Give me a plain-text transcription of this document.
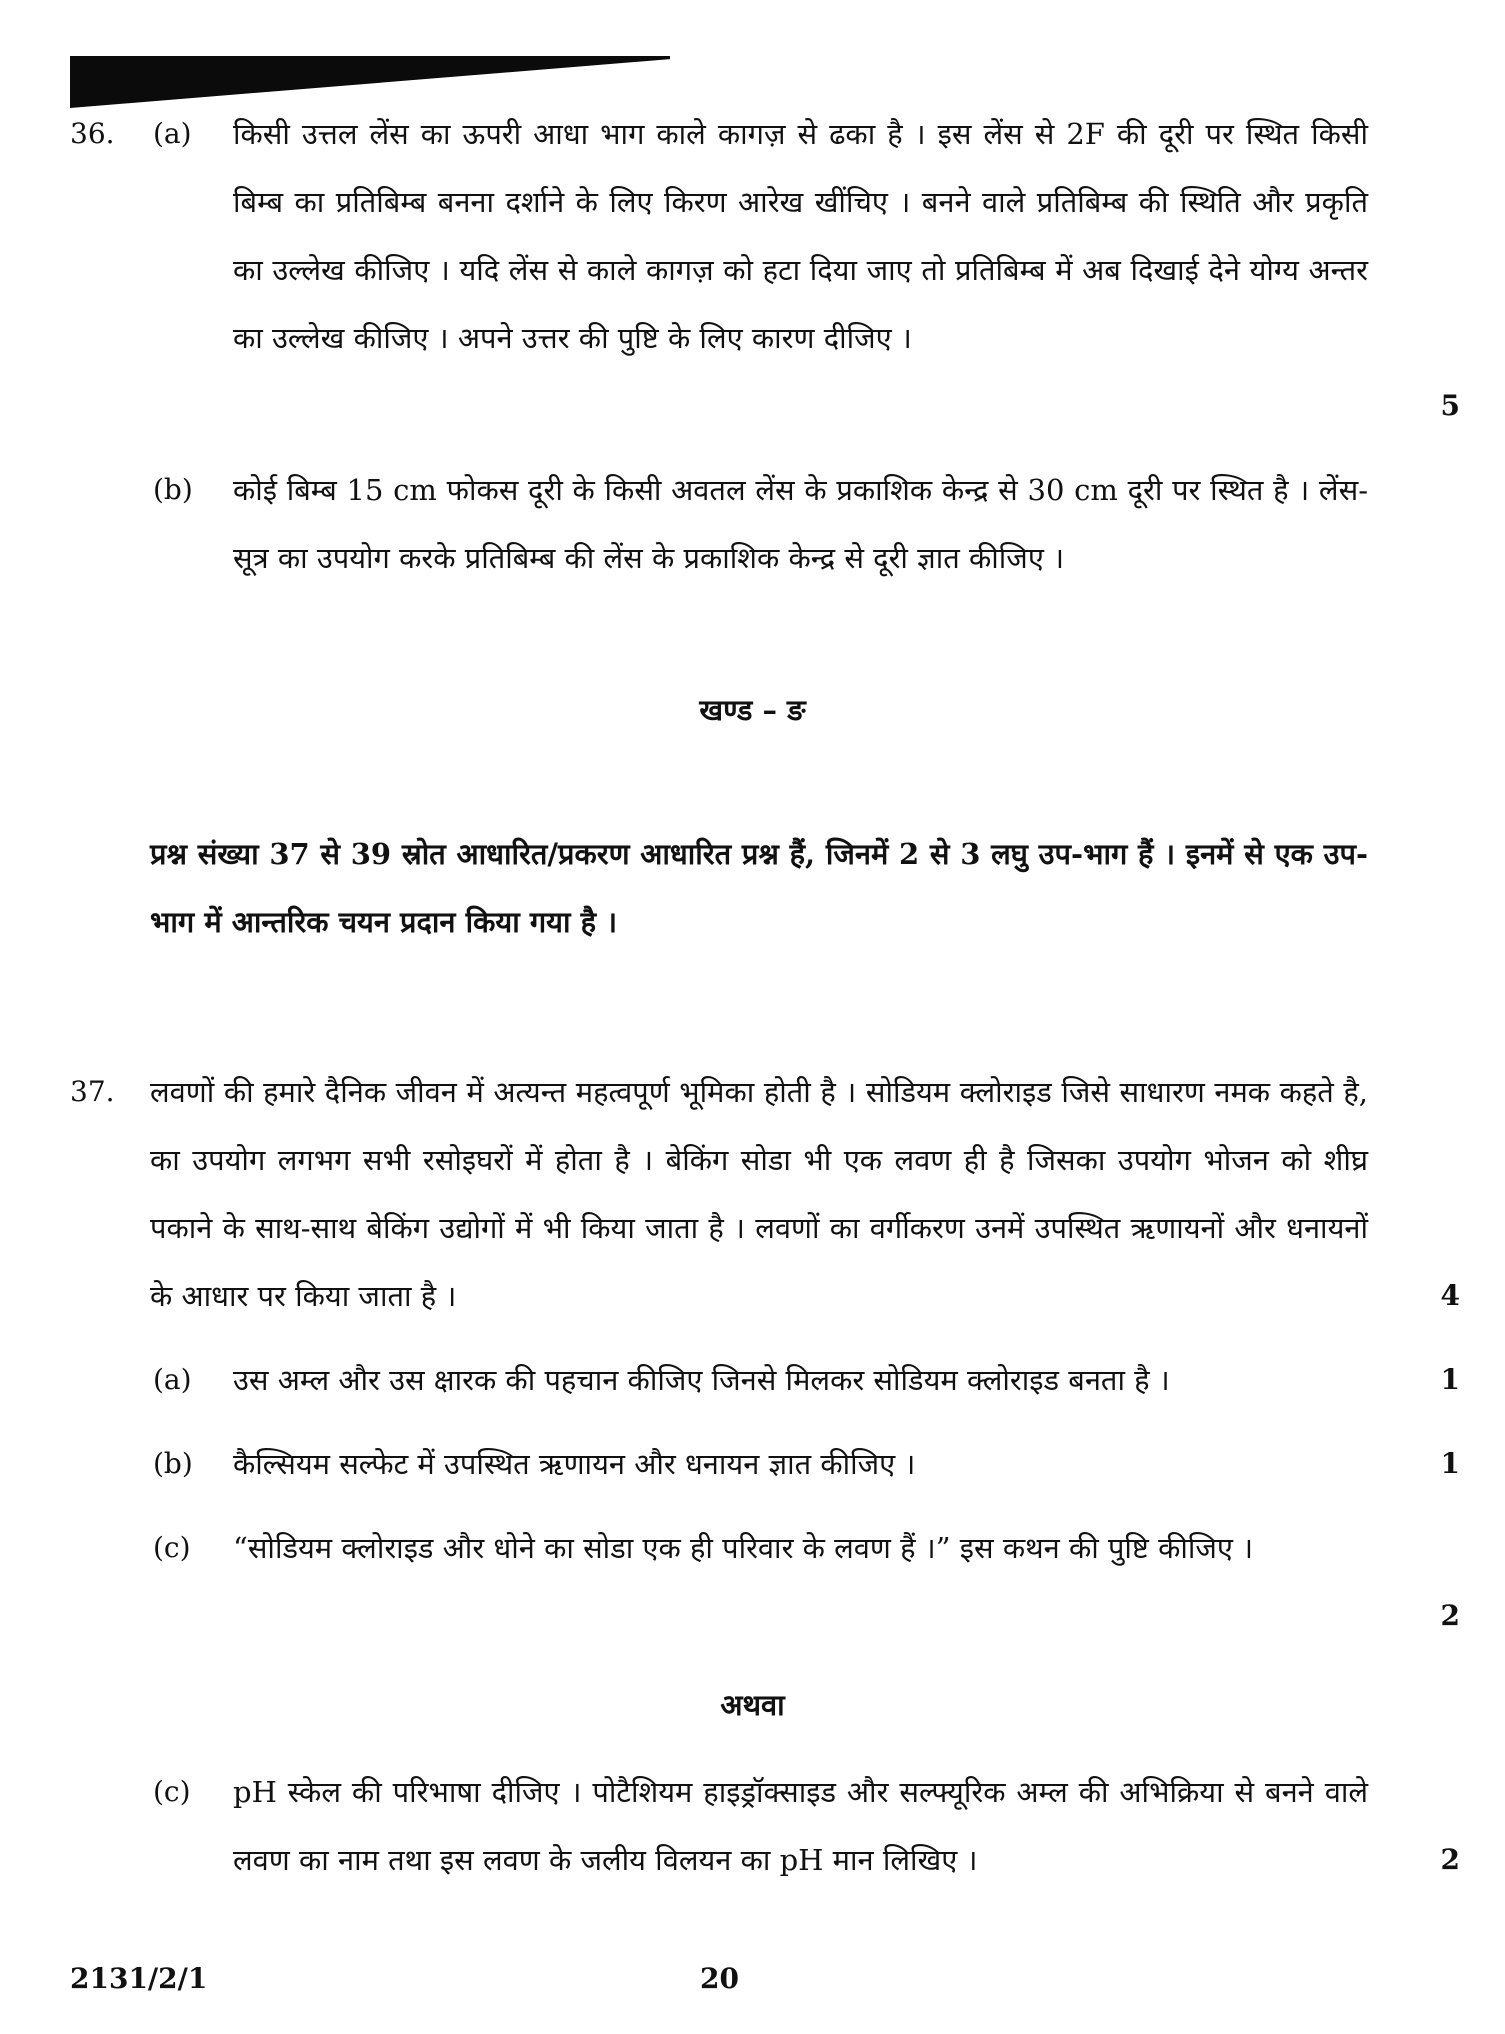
36. (a) किसी उत्तल लेंस का ऊपरी आधा भाग काले कागज़ से ढका है । इस लेंस से 2F की दूरी पर स्थित किसी बिम्ब का प्रतिबिम्ब बनना दर्शाने के लिए किरण आरेख खींचिए । बनने वाले प्रतिबिम्ब की स्थिति और प्रकृति का उल्लेख कीजिए । यदि लेंस से काले कागज़ को हटा दिया जाए तो प्रतिबिम्ब में अब दिखाई देने योग्य अन्तर का उल्लेख कीजिए । अपने उत्तर की पुष्टि के लिए कारण दीजिए ।
5
(b) कोई बिम्ब 15 cm फोकस दूरी के किसी अवतल लेंस के प्रकाशिक केन्द्र से 30 cm दूरी पर स्थित है । लेंस-सूत्र का उपयोग करके प्रतिबिम्ब की लेंस के प्रकाशिक केन्द्र से दूरी ज्ञात कीजिए ।
खण्ड – ङ
प्रश्न संख्या 37 से 39 स्रोत आधारित/प्रकरण आधारित प्रश्न हैं, जिनमें 2 से 3 लघु उप-भाग हैं । इनमें से एक उप-भाग में आन्तरिक चयन प्रदान किया गया है ।
37. लवणों की हमारे दैनिक जीवन में अत्यन्त महत्वपूर्ण भूमिका होती है । सोडियम क्लोराइड जिसे साधारण नमक कहते है, का उपयोग लगभग सभी रसोइघरों में होता है । बेकिंग सोडा भी एक लवण ही है जिसका उपयोग भोजन को शीघ्र पकाने के साथ-साथ बेकिंग उद्योगों में भी किया जाता है । लवणों का वर्गीकरण उनमें उपस्थित ऋणायनों और धनायनों के आधार पर किया जाता है ।	4
(a) उस अम्ल और उस क्षारक की पहचान कीजिए जिनसे मिलकर सोडियम क्लोराइड बनता है ।	1
(b) कैल्सियम सल्फेट में उपस्थित ऋणायन और धनायन ज्ञात कीजिए ।	1
(c) “सोडियम क्लोराइड और धोने का सोडा एक ही परिवार के लवण हैं ।” इस कथन की पुष्टि कीजिए ।
2
अथवा
(c) pH स्केल की परिभाषा दीजिए । पोटैशियम हाइड्रॉक्साइड और सल्फ्यूरिक अम्ल की अभिक्रिया से बनने वाले लवण का नाम तथा इस लवण के जलीय विलयन का pH मान लिखिए ।	2
2131/2/1	20
